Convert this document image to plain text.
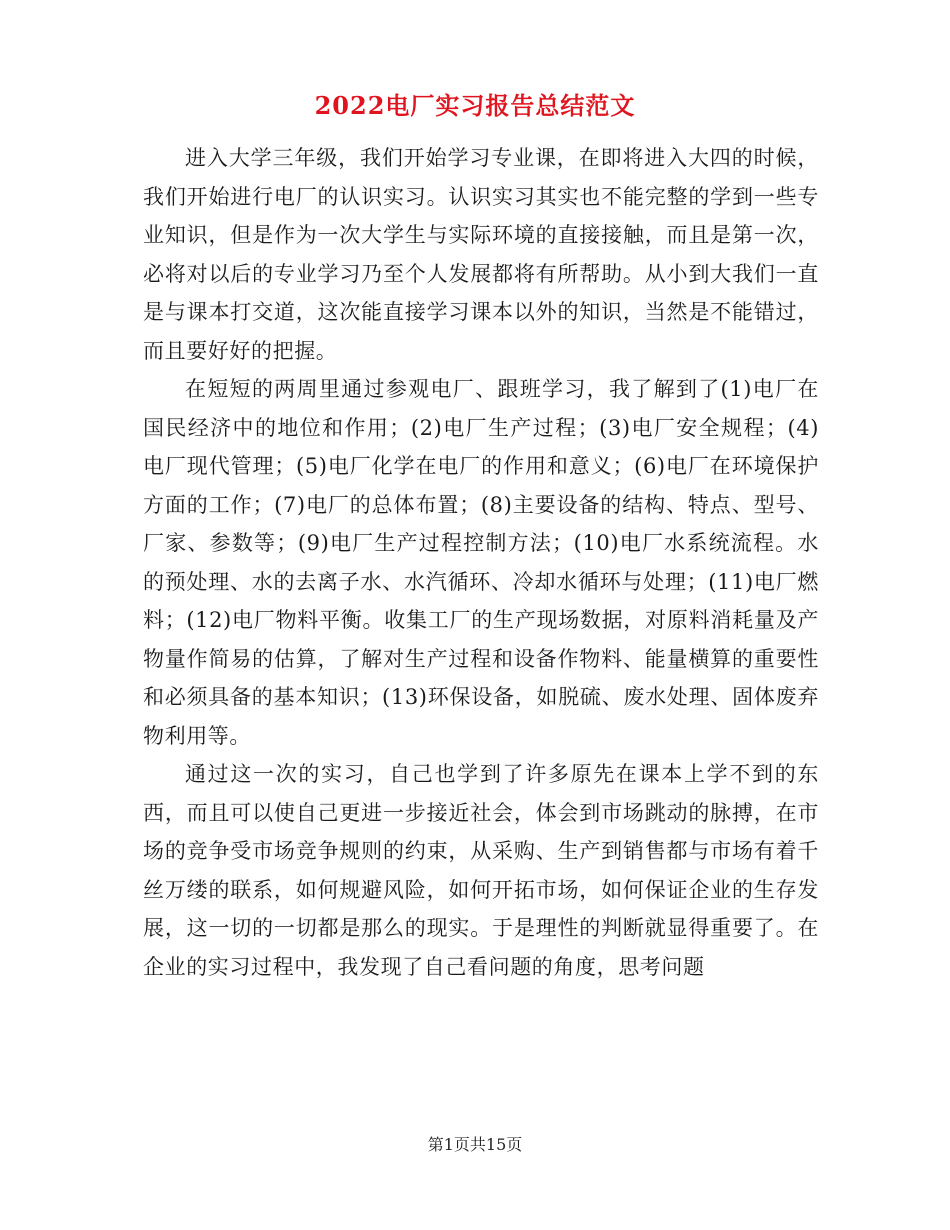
2022电厂实习报告总结范文

进入大学三年级，我们开始学习专业课，在即将进入大四的时候，我们开始进行电厂的认识实习。认识实习其实也不能完整的学到一些专业知识，但是作为一次大学生与实际环境的直接接触，而且是第一次，必将对以后的专业学习乃至个人发展都将有所帮助。从小到大我们一直是与课本打交道，这次能直接学习课本以外的知识，当然是不能错过，而且要好好的把握。

在短短的两周里通过参观电厂、跟班学习，我了解到了(1)电厂在国民经济中的地位和作用；(2)电厂生产过程；(3)电厂安全规程；(4)电厂现代管理；(5)电厂化学在电厂的作用和意义；(6)电厂在环境保护方面的工作；(7)电厂的总体布置；(8)主要设备的结构、特点、型号、厂家、参数等；(9)电厂生产过程控制方法；(10)电厂水系统流程。水的预处理、水的去离子水、水汽循环、冷却水循环与处理；(11)电厂燃料；(12)电厂物料平衡。收集工厂的生产现场数据，对原料消耗量及产物量作简易的估算，了解对生产过程和设备作物料、能量横算的重要性和必须具备的基本知识；(13)环保设备，如脱硫、废水处理、固体废弃物利用等。

通过这一次的实习，自己也学到了许多原先在课本上学不到的东西，而且可以使自己更进一步接近社会，体会到市场跳动的脉搏，在市场的竞争受市场竞争规则的约束，从采购、生产到销售都与市场有着千丝万缕的联系，如何规避风险，如何开拓市场，如何保证企业的生存发展，这一切的一切都是那么的现实。于是理性的判断就显得重要了。在企业的实习过程中，我发现了自己看问题的角度，思考问题

第1页共15页
